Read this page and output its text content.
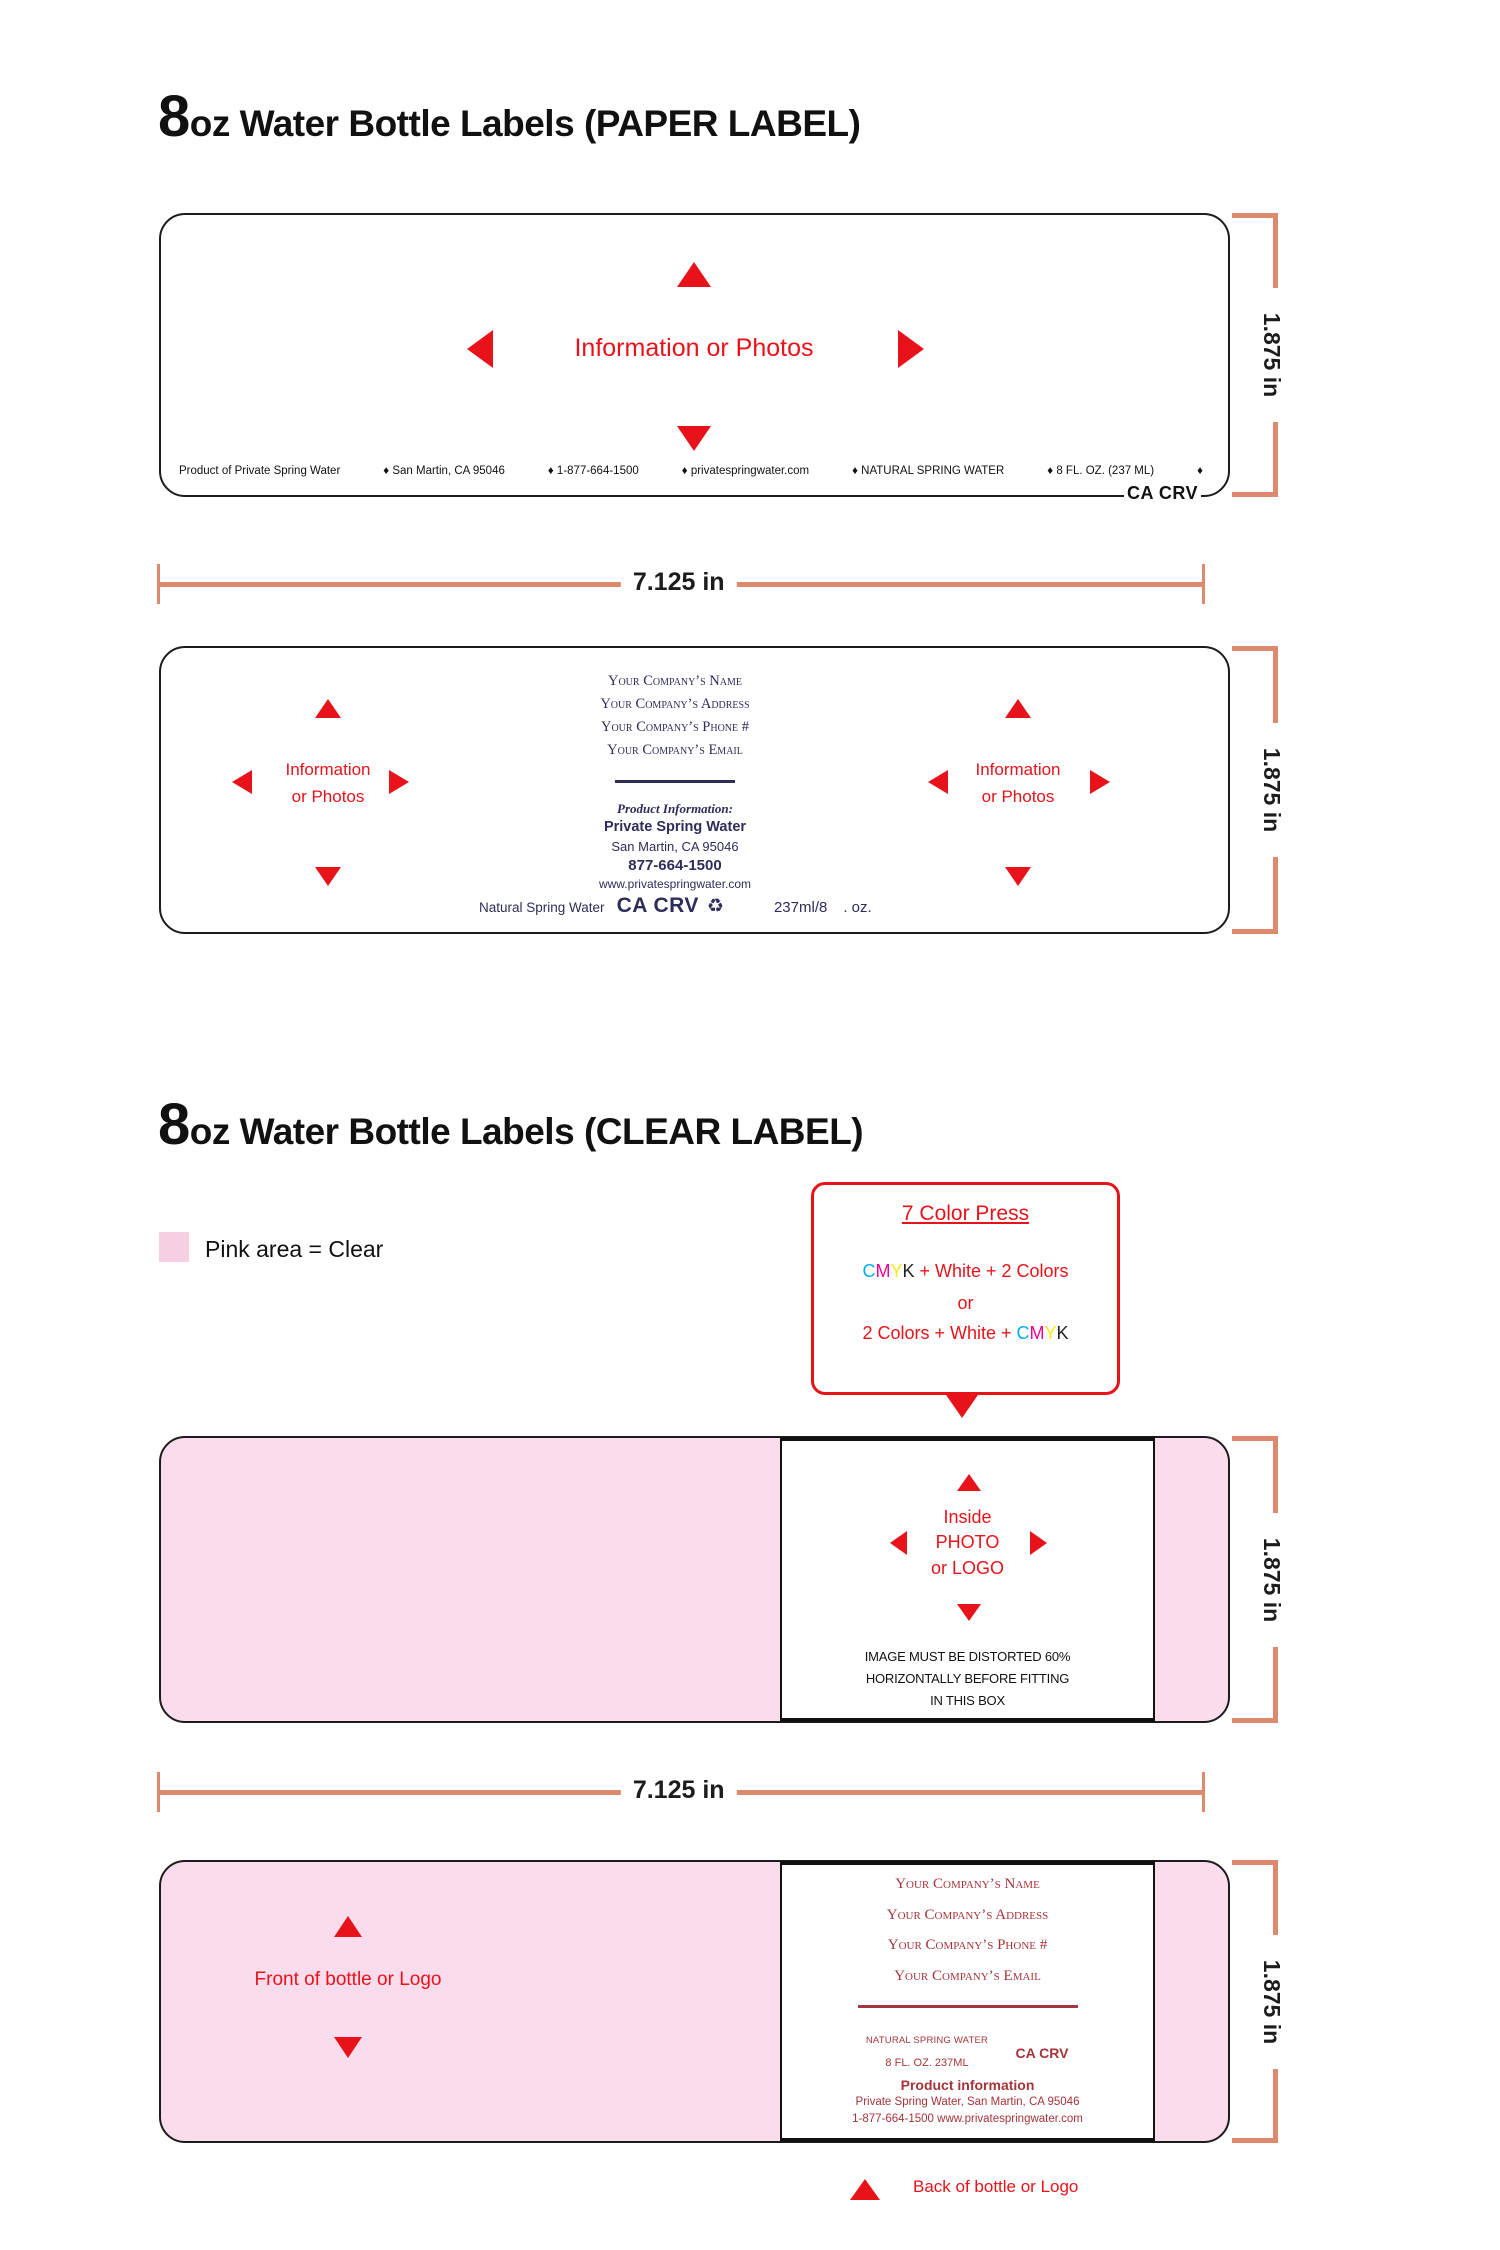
8 oz Water Bottle Labels (PAPER LABEL)
Information or Photos
Product of Private Spring Water	♦ San Martin, CA 95046	♦ 1-877-664-1500	♦ privatespringwater.com	♦ NATURAL SPRING WATER	♦ 8 FL. OZ. (237 ML)	♦
CA CRV
1.875 in
7.125 in
Information
or Photos
Your Company’s Name
Your Company’s Address
Your Company’s Phone #
Your Company’s Email
Product Information:
Private Spring Water
San Martin, CA 95046
877-664-1500
www.privatespringwater.com
Natural Spring Water CA CRV ♻	237ml/8 . oz.
Information
or Photos	1.875 in
8 oz Water Bottle Labels (CLEAR LABEL)
Pink area = Clear
7 Color Press
CMYK + White + 2 Colors
or
2 Colors + White + CMYK
Inside
PHOTO
or LOGO
IMAGE MUST BE DISTORTED 60%
HORIZONTALLY BEFORE FITTING
IN THIS BOX
1.875 in
7.125 in
Front of bottle or Logo
Your Company’s Name
Your Company’s Address
Your Company’s Phone #
Your Company’s Email
NATURAL SPRING WATER
8 FL. OZ. 237ML
CA CRV
Product information
Private Spring Water, San Martin, CA 95046
1-877-664-1500 www.privatespringwater.com
1.875 in
Back of bottle or Logo
